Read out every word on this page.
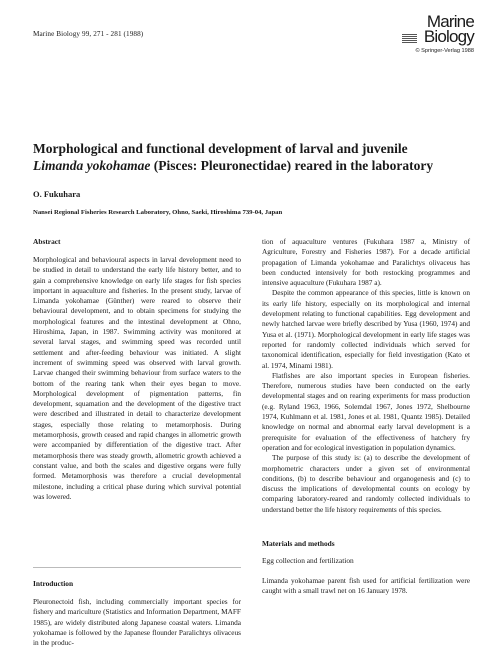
Marine Biology 99, 271 - 281 (1988)
Marine
Biology
© Springer-Verlag 1988
Morphological and functional development of larval and juvenile
Limanda yokohamae (Pisces: Pleuronectidae) reared in the laboratory
O. Fukuhara
Nansei Regional Fisheries Research Laboratory, Ohno, Saeki, Hiroshima 739-04, Japan
Abstract
Morphological and behavioural aspects in larval development need to be studied in detail to understand the early life history better, and to gain a comprehensive knowledge on early life stages for fish species important in aquaculture and fisheries. In the present study, larvae of Limanda yokohamae (Günther) were reared to observe their behavioural development, and to obtain specimens for studying the morphological features and the intestinal development at Ohno, Hiroshima, Japan, in 1987. Swimming activity was monitored at several larval stages, and swimming speed was recorded until settlement and after-feeding behaviour was initiated. A slight increment of swimming speed was observed with larval growth. Larvae changed their swimming behaviour from surface waters to the bottom of the rearing tank when their eyes began to move. Morphological development of pigmentation patterns, fin development, squamation and the development of the digestive tract were described and illustrated in detail to characterize development stages, especially those relating to metamorphosis. During metamorphosis, growth ceased and rapid changes in allometric growth were accompanied by differentiation of the digestive tract. After metamorphosis there was steady growth, allometric growth achieved a constant value, and both the scales and digestive organs were fully formed. Metamorphosis was therefore a crucial developmental milestone, including a critical phase during which survival potential was lowered.
Introduction
Pleuronectoid fish, including commercially important species for fishery and mariculture (Statistics and Information Department, MAFF 1985), are widely distributed along Japanese coastal waters. Limanda yokohamae is followed by the Japanese flounder Paralichtys olivaceus in the produc-

tion of aquaculture ventures (Fukuhara 1987 a, Ministry of Agriculture, Forestry and Fisheries 1987). For a decade artificial propagation of Limanda yokohamae and Paralichtys olivaceus has been conducted intensively for both restocking programmes and intensive aquaculture (Fukuhara 1987 a).

Despite the common appearance of this species, little is known on its early life history, especially on its morphological and internal development relating to functional capabilities. Egg development and newly hatched larvae were briefly described by Yusa (1960, 1974) and Yusa et al. (1971). Morphological development in early life stages was reported for randomly collected individuals which served for taxonomical identification, especially for field investigation (Kato et al. 1974, Minami 1981).

Flatfishes are also important species in European fisheries. Therefore, numerous studies have been conducted on the early developmental stages and on rearing experiments for mass production (e.g. Ryland 1963, 1966, Solemdal 1967, Jones 1972, Shelbourne 1974, Kuhlmann et al. 1981, Jones et al. 1981, Quantz 1985). Detailed knowledge on normal and abnormal early larval development is a prerequisite for evaluation of the effectiveness of hatchery fry operation and for ecological investigation in population dynamics.

The purpose of this study is: (a) to describe the development of morphometric characters under a given set of environmental conditions, (b) to describe behaviour and organogenesis and (c) to discuss the implications of developmental counts on ecology by comparing laboratory-reared and randomly collected individuals to understand better the life history requirements of this species.

Materials and methods
Egg collection and fertilization
Limanda yokohamae parent fish used for artificial fertilization were caught with a small trawl net on 16 January 1978.
